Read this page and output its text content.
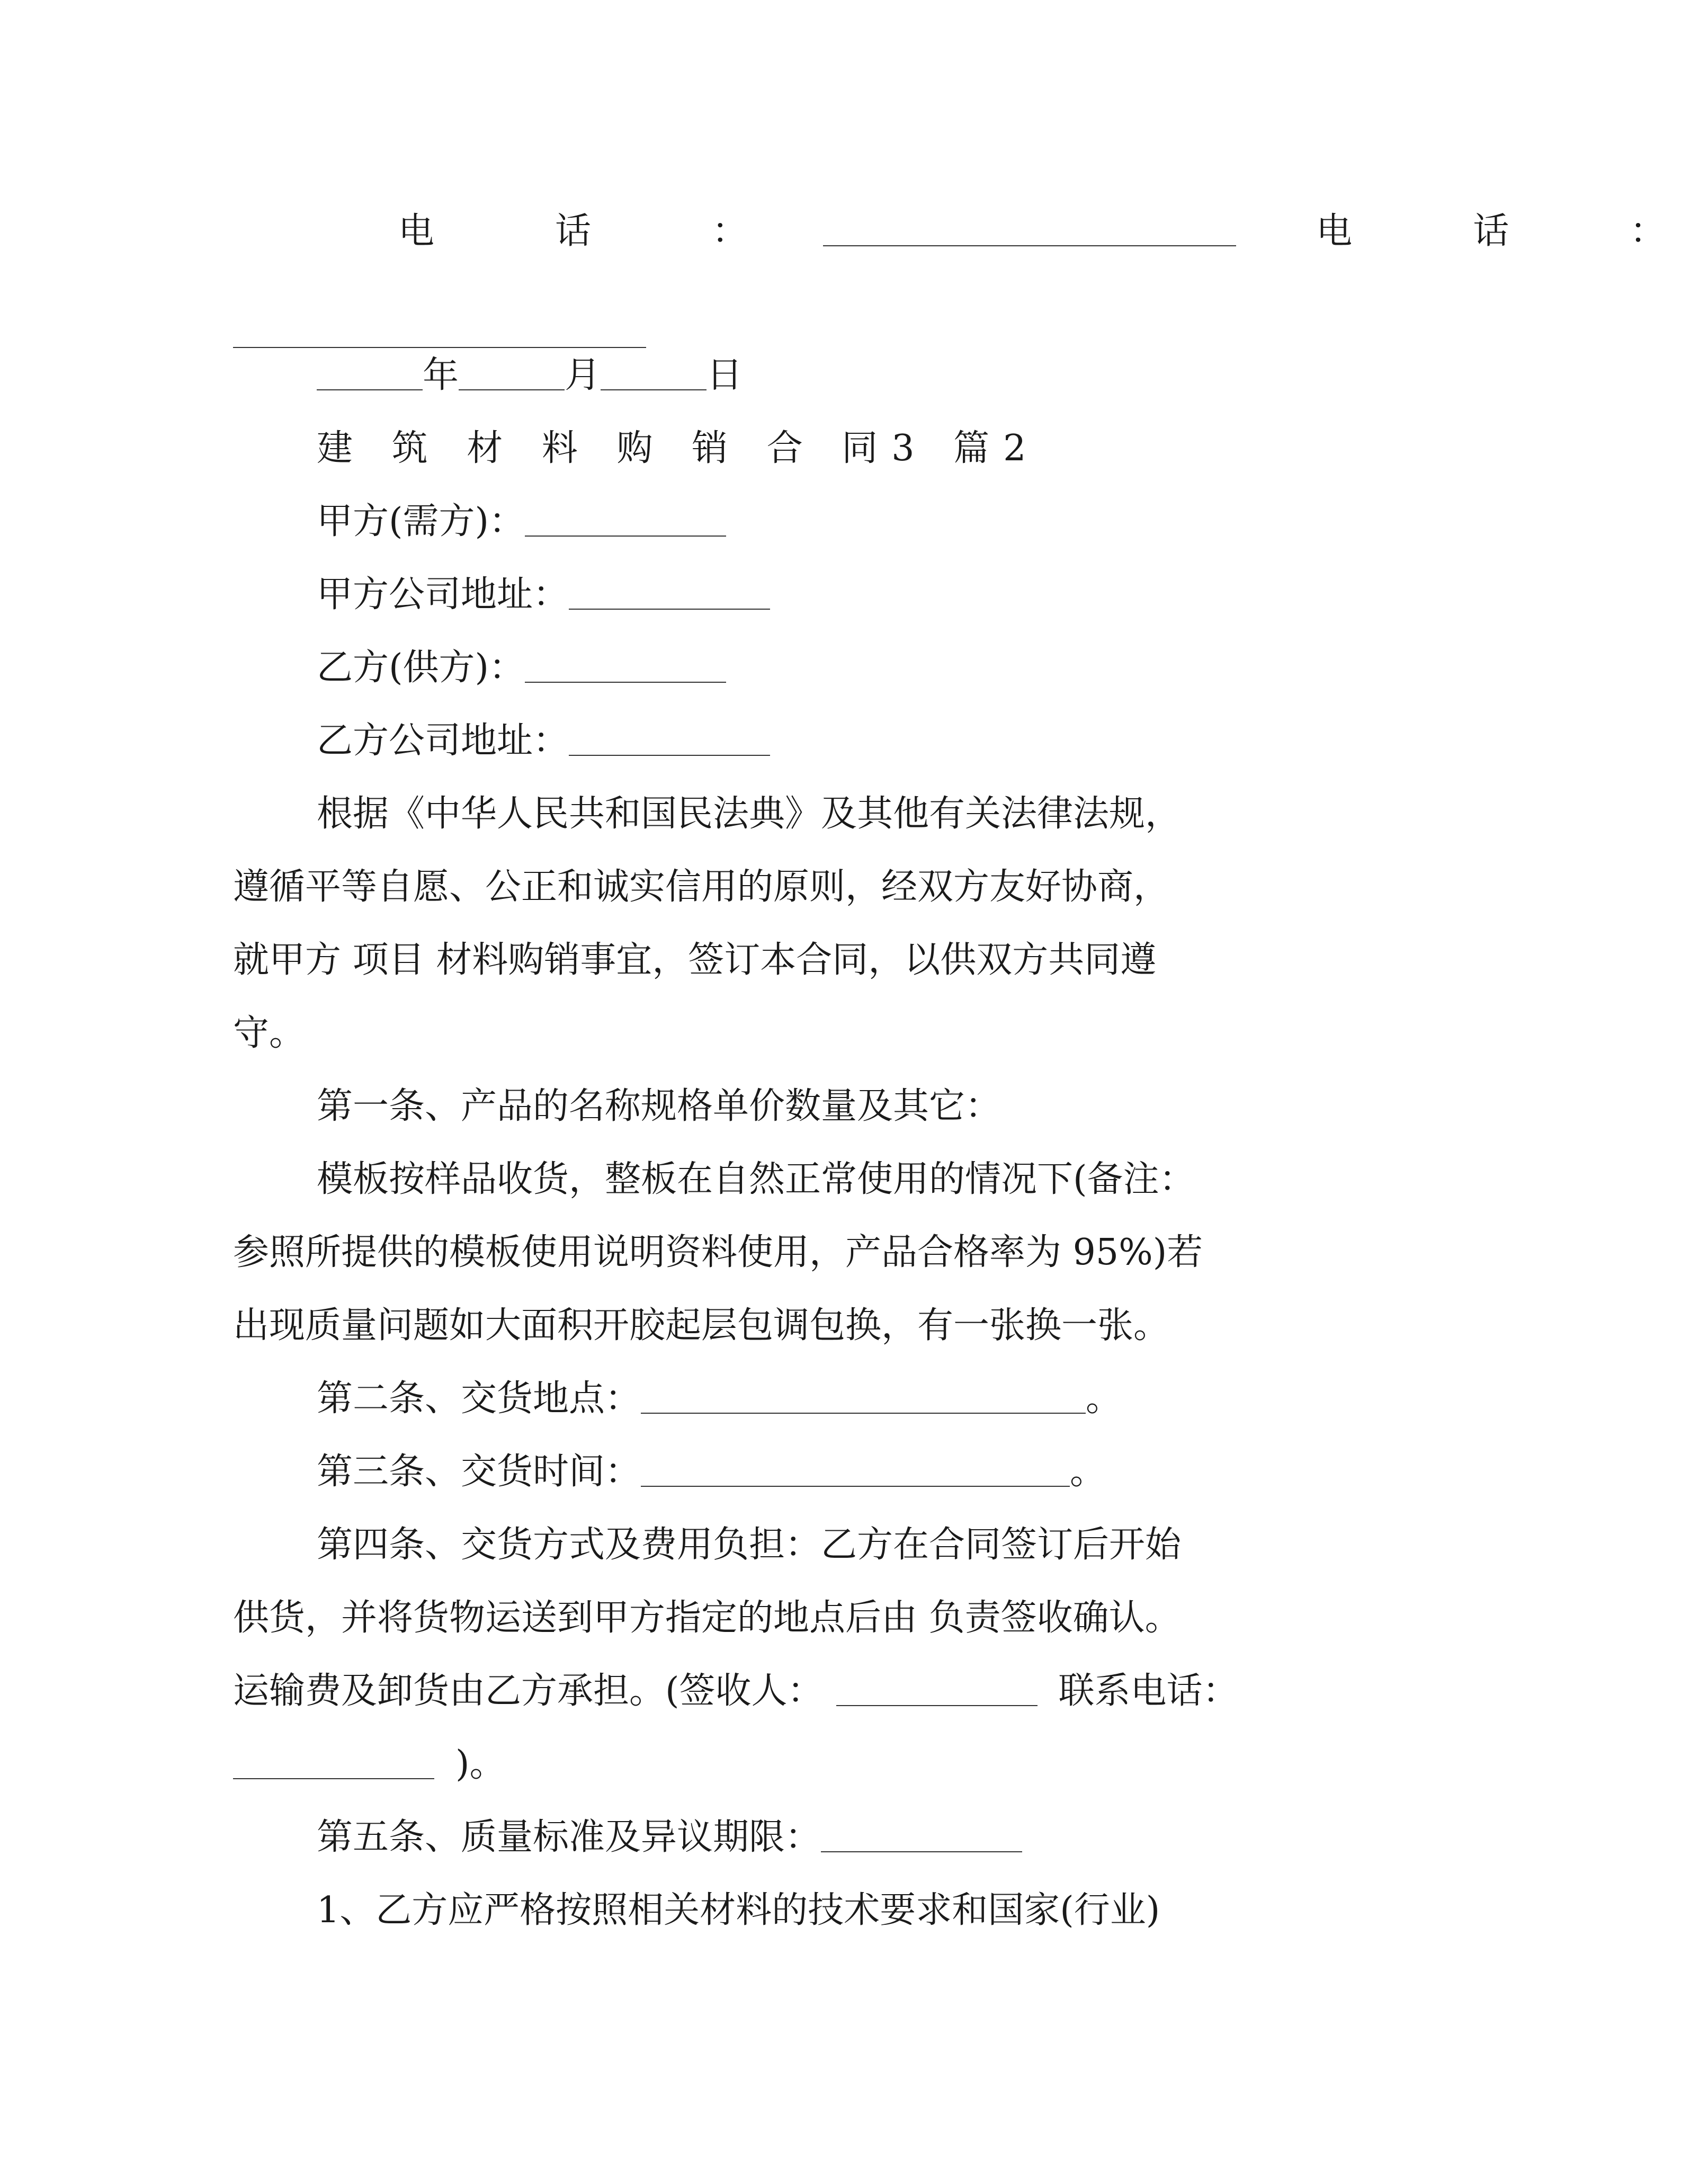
电　话　：	电　话　：
年	月	日
建 筑 材 料 购 销 合 同3 篇2
甲方(需方)：
甲方公司地址：
乙方(供方)：
乙方公司地址：
根据《中华人民共和国民法典》及其他有关法律法规，
遵循平等自愿、公正和诚实信用的原则，经双方友好协商，
就甲方 项目 材料购销事宜，签订本合同，以供双方共同遵
守。
第一条、产品的名称规格单价数量及其它：
模板按样品收货，整板在自然正常使用的情况下(备注：
参照所提供的模板使用说明资料使用，产品合格率为 95%)若
出现质量问题如大面积开胶起层包调包换，有一张换一张。
第二条、交货地点：	。
第三条、交货时间：	。
第四条、交货方式及费用负担：乙方在合同签订后开始
供货，并将货物运送到甲方指定的地点后由 负责签收确认。
运输费及卸货由乙方承担。(签收人：	联系电话：
)。
第五条、质量标准及异议期限：
1、乙方应严格按照相关材料的技术要求和国家(行业)
